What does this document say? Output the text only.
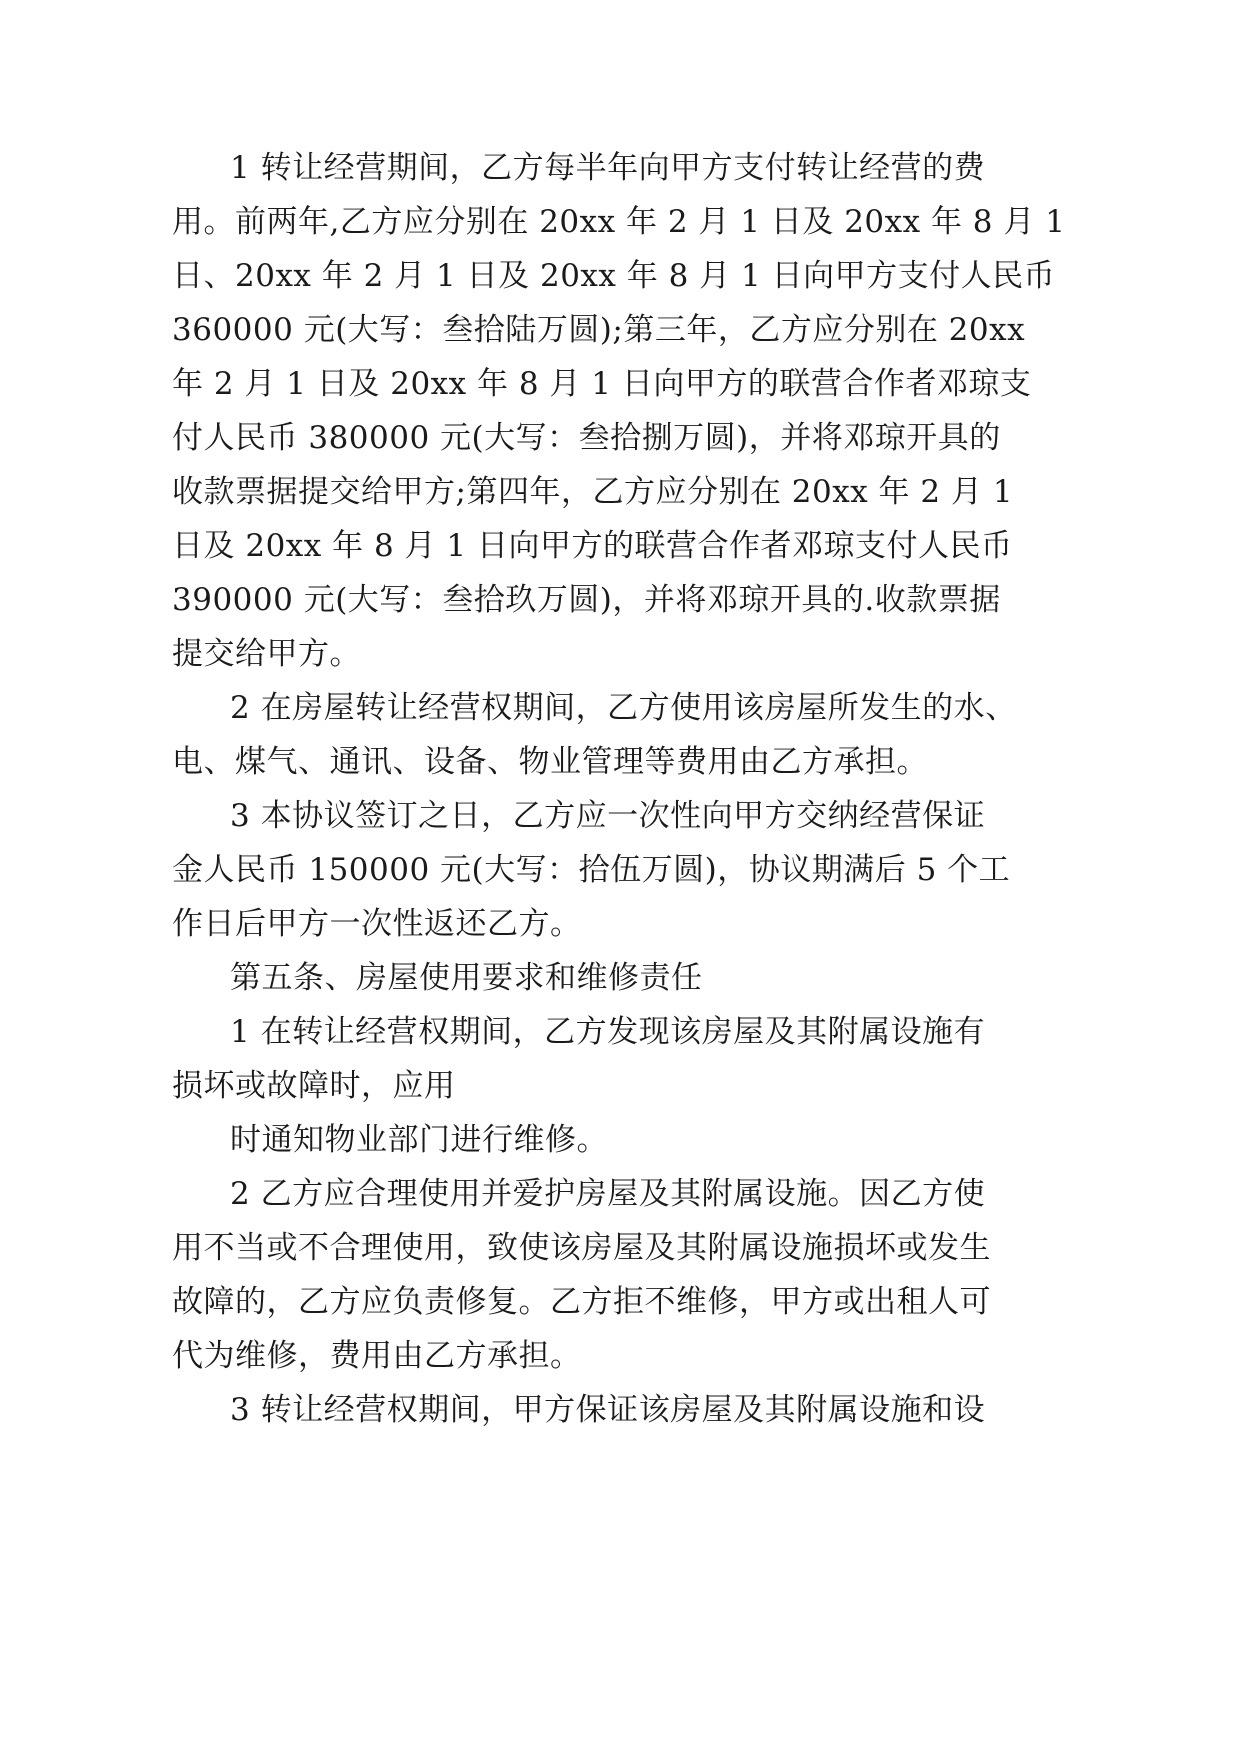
1 转让经营期间，乙方每半年向甲方支付转让经营的费

用。前两年,乙方应分别在 20xx 年 2 月 1 日及 20xx 年 8 月 1

日、20xx 年 2 月 1 日及 20xx 年 8 月 1 日向甲方支付人民币

360000 元(大写：叁拾陆万圆);第三年，乙方应分别在 20xx

年 2 月 1 日及 20xx 年 8 月 1 日向甲方的联营合作者邓琼支

付人民币 380000 元(大写：叁拾捌万圆)，并将邓琼开具的

收款票据提交给甲方;第四年，乙方应分别在 20xx 年 2 月 1

日及 20xx 年 8 月 1 日向甲方的联营合作者邓琼支付人民币

390000 元(大写：叁拾玖万圆)，并将邓琼开具的.收款票据

提交给甲方。

2 在房屋转让经营权期间，乙方使用该房屋所发生的水、

电、煤气、通讯、设备、物业管理等费用由乙方承担。

3 本协议签订之日，乙方应一次性向甲方交纳经营保证

金人民币 150000 元(大写：拾伍万圆)，协议期满后 5 个工

作日后甲方一次性返还乙方。

第五条、房屋使用要求和维修责任

1 在转让经营权期间，乙方发现该房屋及其附属设施有

损坏或故障时，应用

时通知物业部门进行维修。

2 乙方应合理使用并爱护房屋及其附属设施。因乙方使

用不当或不合理使用，致使该房屋及其附属设施损坏或发生

故障的，乙方应负责修复。乙方拒不维修，甲方或出租人可

代为维修，费用由乙方承担。

3 转让经营权期间，甲方保证该房屋及其附属设施和设
